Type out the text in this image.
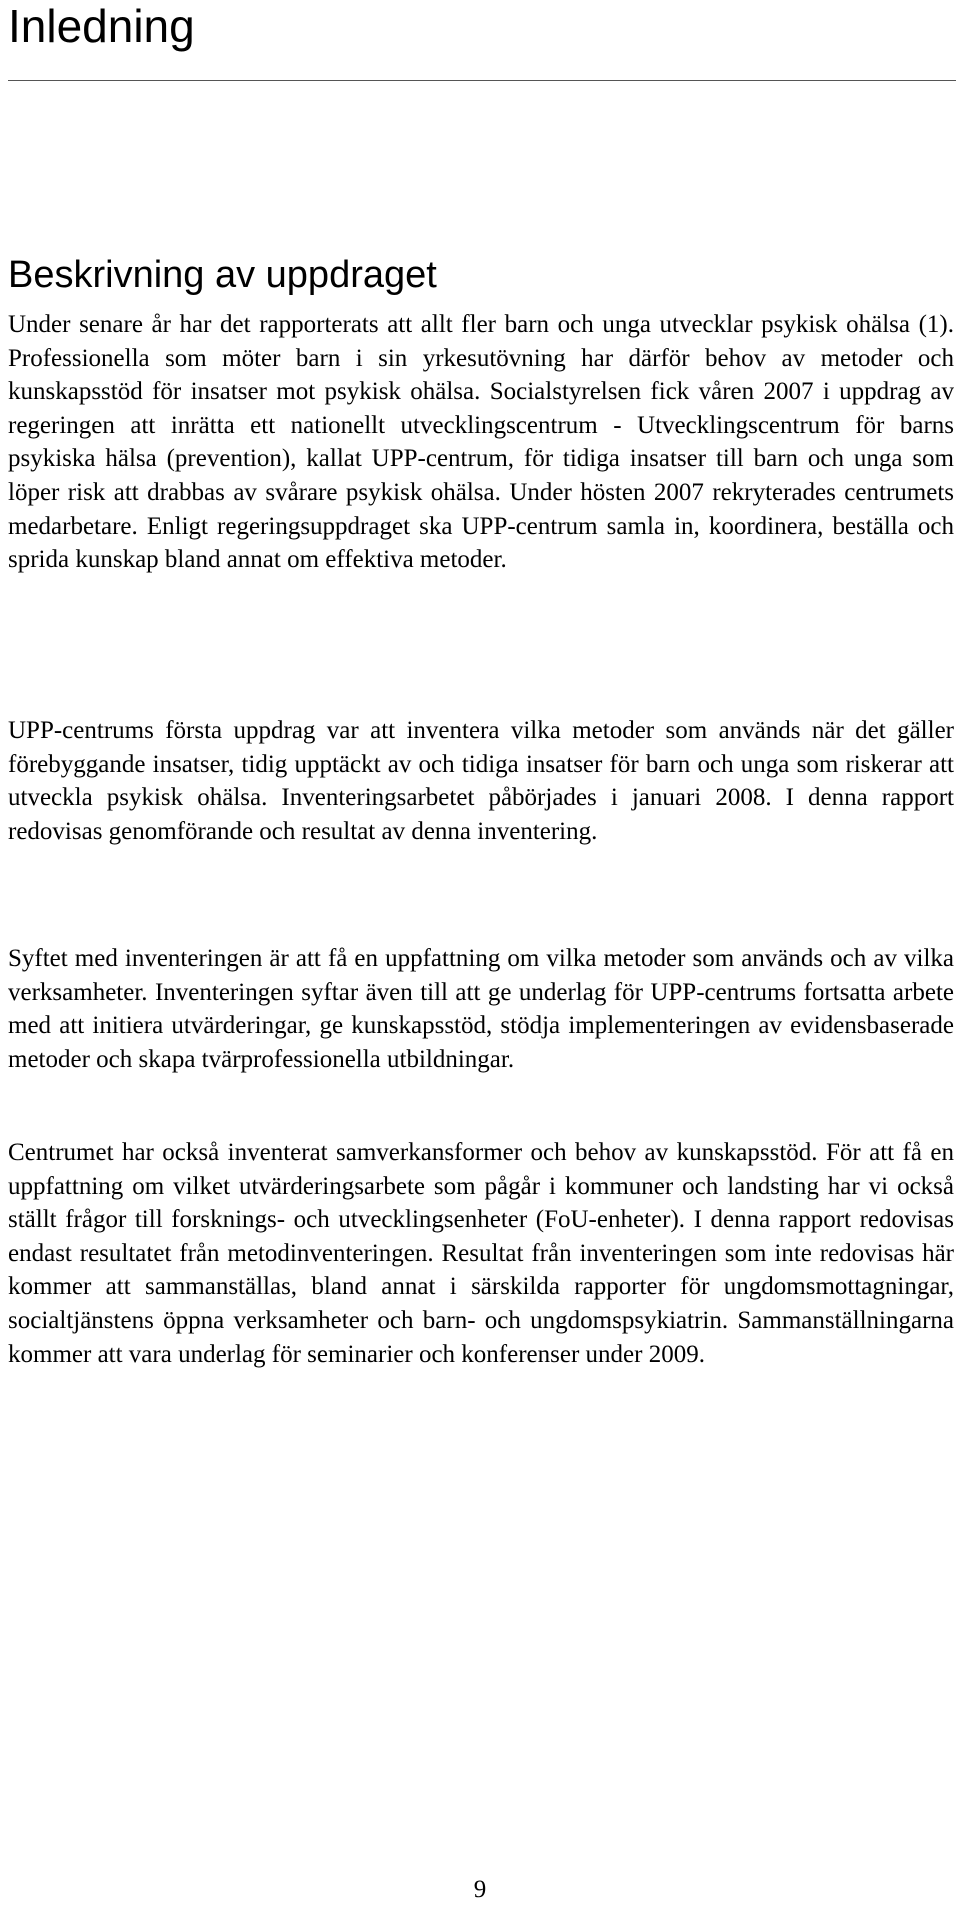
Inledning
Beskrivning av uppdraget

Under senare år har det rapporterats att allt fler barn och unga utvecklar psykisk ohälsa (1). Professionella som möter barn i sin yrkesutövning har därför behov av metoder och kunskapsstöd för insatser mot psykisk ohälsa. Socialstyrelsen fick våren 2007 i uppdrag av regeringen att inrätta ett nationellt utvecklingscentrum - Utvecklingscentrum för barns psykiska hälsa (prevention), kallat UPP-centrum, för tidiga insatser till barn och unga som löper risk att drabbas av svårare psykisk ohälsa. Under hösten 2007 rekryterades centrumets medarbetare. Enligt regeringsuppdraget ska UPP-centrum samla in, koordinera, beställa och sprida kunskap bland annat om effektiva metoder.

UPP-centrums första uppdrag var att inventera vilka metoder som används när det gäller förebyggande insatser, tidig upptäckt av och tidiga insatser för barn och unga som riskerar att utveckla psykisk ohälsa. Inventeringsarbetet påbörjades i januari 2008. I denna rapport redovisas genomförande och resultat av denna inventering.

Syftet med inventeringen är att få en uppfattning om vilka metoder som används och av vilka verksamheter. Inventeringen syftar även till att ge underlag för UPP-centrums fortsatta arbete med att initiera utvärderingar, ge kunskapsstöd, stödja implementeringen av evidensbaserade metoder och skapa tvärprofessionella utbildningar.

Centrumet har också inventerat samverkansformer och behov av kunskapsstöd. För att få en uppfattning om vilket utvärderingsarbete som pågår i kommuner och landsting har vi också ställt frågor till forsknings- och utvecklingsenheter (FoU-enheter). I denna rapport redovisas endast resultatet från metodinventeringen. Resultat från inventeringen som inte redovisas här kommer att sammanställas, bland annat i särskilda rapporter för ungdomsmottagningar, socialtjänstens öppna verksamheter och barn- och ungdomspsykiatrin. Sammanställningarna kommer att vara underlag för seminarier och konferenser under 2009.

9
